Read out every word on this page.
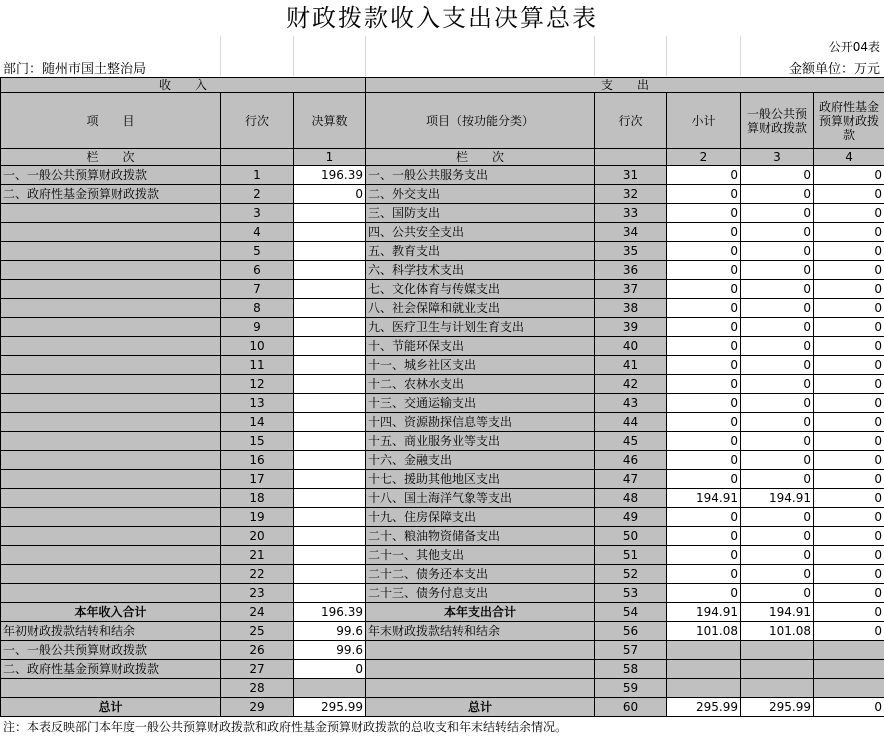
财政拨款收入支出决算总表
公开04表
部门：随州市国土整治局	金额单位：万元
收　　入			支　　出				
项　　目	行次	决算数	项目（按功能分类）	行次	小计	一般公共预算财政拨款	政府性基金预算财政拨款
栏　　次		1	栏　　次		2	3	4
一、一般公共预算财政拨款	1	196.39	一、一般公共服务支出	31	0	0	0
二、政府性基金预算财政拨款	2	0	二、外交支出	32	0	0	0
	3		三、国防支出	33	0	0	0
	4		四、公共安全支出	34	0	0	0
	5		五、教育支出	35	0	0	0
	6		六、科学技术支出	36	0	0	0
	7		七、文化体育与传媒支出	37	0	0	0
	8		八、社会保障和就业支出	38	0	0	0
	9		九、医疗卫生与计划生育支出	39	0	0	0
	10		十、节能环保支出	40	0	0	0
	11		十一、城乡社区支出	41	0	0	0
	12		十二、农林水支出	42	0	0	0
	13		十三、交通运输支出	43	0	0	0
	14		十四、资源勘探信息等支出	44	0	0	0
	15		十五、商业服务业等支出	45	0	0	0
	16		十六、金融支出	46	0	0	0
	17		十七、援助其他地区支出	47	0	0	0
	18		十八、国土海洋气象等支出	48	194.91	194.91	0
	19		十九、住房保障支出	49	0	0	0
	20		二十、粮油物资储备支出	50	0	0	0
	21		二十一、其他支出	51	0	0	0
	22		二十二、债务还本支出	52	0	0	0
	23		二十三、债务付息支出	53	0	0	0
本年收入合计	24	196.39	本年支出合计	54	194.91	194.91	0
年初财政拨款结转和结余	25	99.6	年末财政拨款结转和结余	56	101.08	101.08	0
一、一般公共预算财政拨款	26	99.6		57			
二、政府性基金预算财政拨款	27	0		58			
	28			59			
总计	29	295.99	总计	60	295.99	295.99	0
注：本表反映部门本年度一般公共预算财政拨款和政府性基金预算财政拨款的总收支和年末结转结余情况。
